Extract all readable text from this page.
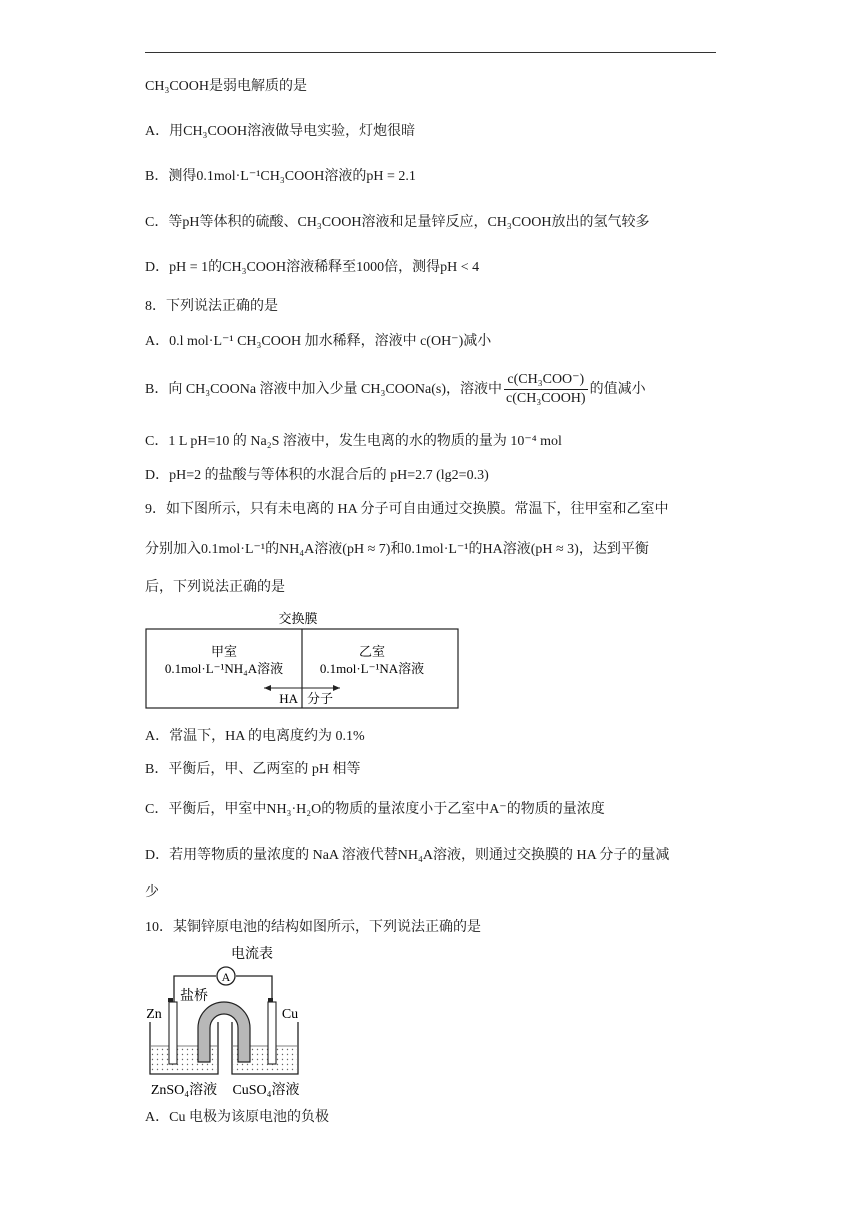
CH₃COOH是弱电解质的是
A．用CH₃COOH溶液做导电实验，灯炮很暗
B．测得0.1mol·L⁻¹CH₃COOH溶液的pH = 2.1
C．等pH等体积的硫酸、CH₃COOH溶液和足量锌反应，CH₃COOH放出的氢气较多
D．pH = 1的CH₃COOH溶液稀释至1000倍，测得pH < 4
8．下列说法正确的是
A．0.l mol·L⁻¹ CH₃COOH 加水稀释，溶液中 c(OH⁻)减小
B．向 CH₃COONa 溶液中加入少量 CH₃COONa(s)，溶液中 $\frac{\text{c(CH₃COO⁻)}}{\text{c(CH₃COOH)}}$ 的值减小
C．1 L pH=10 的 Na₂S 溶液中，发生电离的水的物质的量为 10⁻⁴ mol
D．pH=2 的盐酸与等体积的水混合后的 pH=2.7 (lg2=0.3)
9．如下图所示，只有未电离的 HA 分子可自由通过交换膜。常温下，往甲室和乙室中
分别加入0.1mol·L⁻¹的NH₄A溶液(pH ≈ 7)和0.1mol·L⁻¹的HA溶液(pH ≈ 3)，达到平衡
后，下列说法正确的是
交换膜
甲室
0.1mol·L⁻¹NH₄A溶液
乙室
0.1mol·L⁻¹NA溶液
HA 分子
A．常温下，HA 的电离度约为 0.1%
B．平衡后，甲、乙两室的 pH 相等
C．平衡后，甲室中NH₃·H₂O的物质的量浓度小于乙室中A⁻的物质的量浓度
D．若用等物质的量浓度的 NaA 溶液代替NH₄A溶液，则通过交换膜的 HA 分子的量减
少
10．某铜锌原电池的结构如图所示，下列说法正确的是
电流表
A
盐桥
Zn	Cu
ZnSO₄溶液 CuSO₄溶液
A．Cu 电极为该原电池的负极
